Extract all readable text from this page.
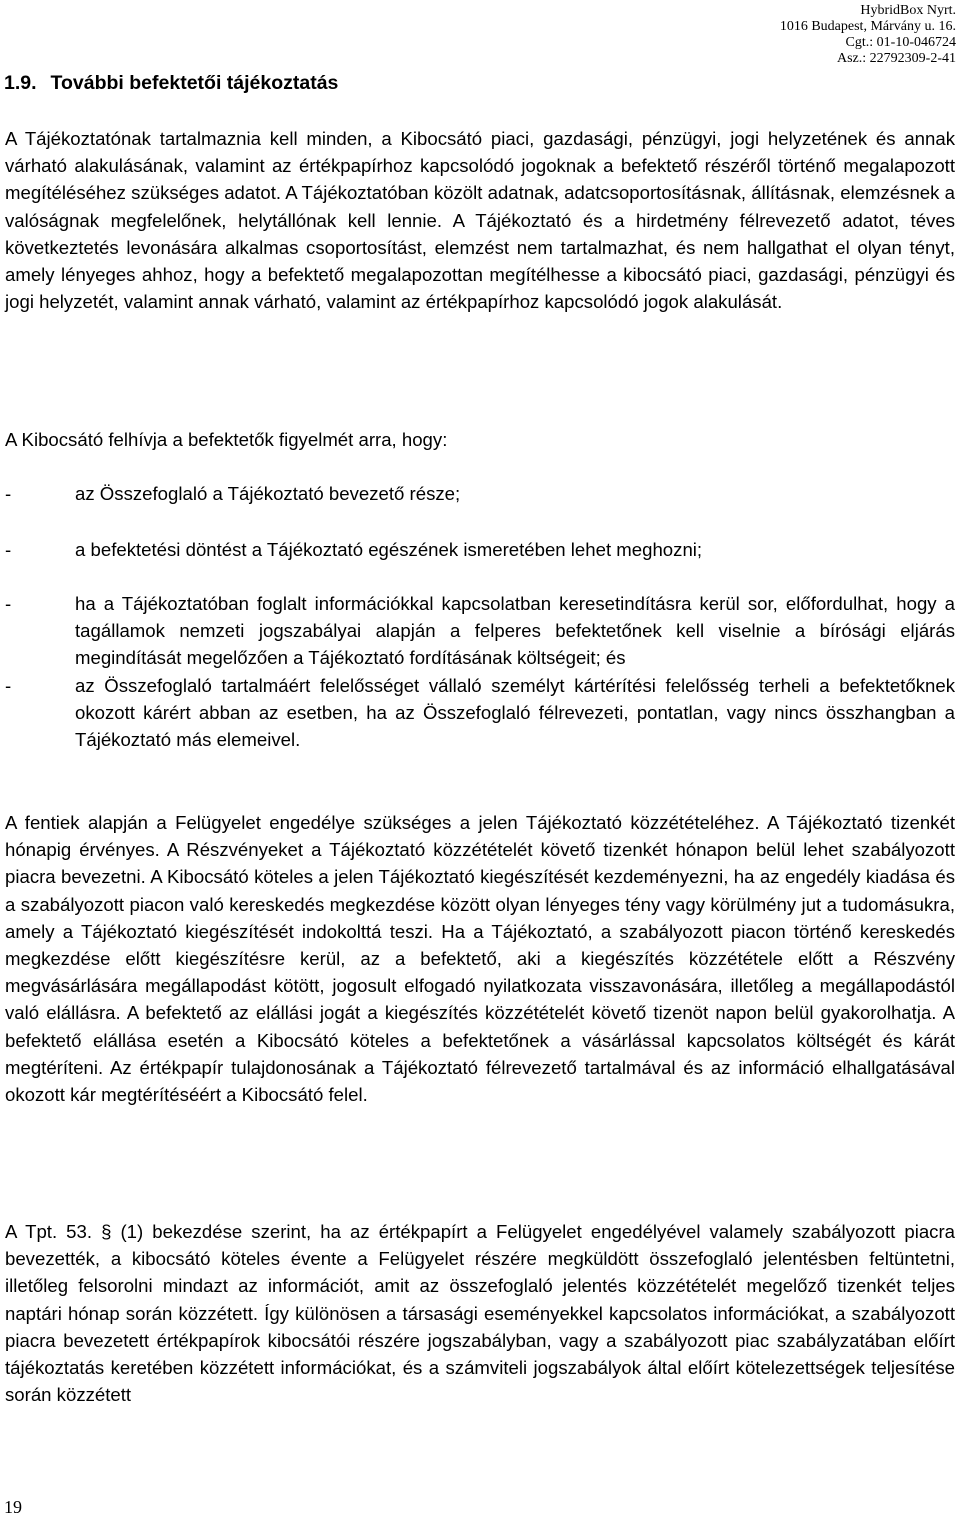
HybridBox Nyrt.
1016 Budapest, Márvány u. 16.
Cgt.: 01-10-046724
Asz.: 22792309-2-41
1.9. További befektetői tájékoztatás

A Tájékoztatónak tartalmaznia kell minden, a Kibocsátó piaci, gazdasági, pénzügyi, jogi helyzetének és annak várható alakulásának, valamint az értékpapírhoz kapcsolódó jogoknak a befektető részéről történő megalapozott megítéléséhez szükséges adatot. A Tájékoztatóban közölt adatnak, adatcsoportosításnak, állításnak, elemzésnek a valóságnak megfelelőnek, helytállónak kell lennie. A Tájékoztató és a hirdetmény félrevezető adatot, téves következtetés levonására alkalmas csoportosítást, elemzést nem tartalmazhat, és nem hallgathat el olyan tényt, amely lényeges ahhoz, hogy a befektető megalapozottan megítélhesse a kibocsátó piaci, gazdasági, pénzügyi és jogi helyzetét, valamint annak várható, valamint az értékpapírhoz kapcsolódó jogok alakulását.

A Kibocsátó felhívja a befektetők figyelmét arra, hogy:

-	az Összefoglaló a Tájékoztató bevezető része;
-	a befektetési döntést a Tájékoztató egészének ismeretében lehet meghozni;
-	ha a Tájékoztatóban foglalt információkkal kapcsolatban keresetindításra kerül sor, előfordulhat, hogy a tagállamok nemzeti jogszabályai alapján a felperes befektetőnek kell viselnie a bírósági eljárás megindítását megelőzően a Tájékoztató fordításának költségeit; és
-	az Összefoglaló tartalmáért felelősséget vállaló személyt kártérítési felelősség terheli a befektetőknek okozott kárért abban az esetben, ha az Összefoglaló félrevezeti, pontatlan, vagy nincs összhangban a Tájékoztató más elemeivel.

A fentiek alapján a Felügyelet engedélye szükséges a jelen Tájékoztató közzétételéhez. A Tájékoztató tizenkét hónapig érvényes. A Részvényeket a Tájékoztató közzétételét követő tizenkét hónapon belül lehet szabályozott piacra bevezetni. A Kibocsátó köteles a jelen Tájékoztató kiegészítését kezdeményezni, ha az engedély kiadása és a szabályozott piacon való kereskedés megkezdése között olyan lényeges tény vagy körülmény jut a tudomásukra, amely a Tájékoztató kiegészítését indokolttá teszi. Ha a Tájékoztató, a szabályozott piacon történő kereskedés megkezdése előtt kiegészítésre kerül, az a befektető, aki a kiegészítés közzététele előtt a Részvény megvásárlására megállapodást kötött, jogosult elfogadó nyilatkozata visszavonására, illetőleg a megállapodástól való elállásra. A befektető az elállási jogát a kiegészítés közzétételét követő tizenöt napon belül gyakorolhatja. A befektető elállása esetén a Kibocsátó köteles a befektetőnek a vásárlással kapcsolatos költségét és kárát megtéríteni. Az értékpapír tulajdonosának a Tájékoztató félrevezető tartalmával és az információ elhallgatásával okozott kár megtérítéséért a Kibocsátó felel.

A Tpt. 53. § (1) bekezdése szerint, ha az értékpapírt a Felügyelet engedélyével valamely szabályozott piacra bevezették, a kibocsátó köteles évente a Felügyelet részére megküldött összefoglaló jelentésben feltüntetni, illetőleg felsorolni mindazt az információt, amit az összefoglaló jelentés közzétételét megelőző tizenkét teljes naptári hónap során közzétett. Így különösen a társasági eseményekkel kapcsolatos információkat, a szabályozott piacra bevezetett értékpapírok kibocsátói részére jogszabályban, vagy a szabályozott piac szabályzatában előírt tájékoztatás keretében közzétett információkat, és a számviteli jogszabályok által előírt kötelezettségek teljesítése során közzétett

19
